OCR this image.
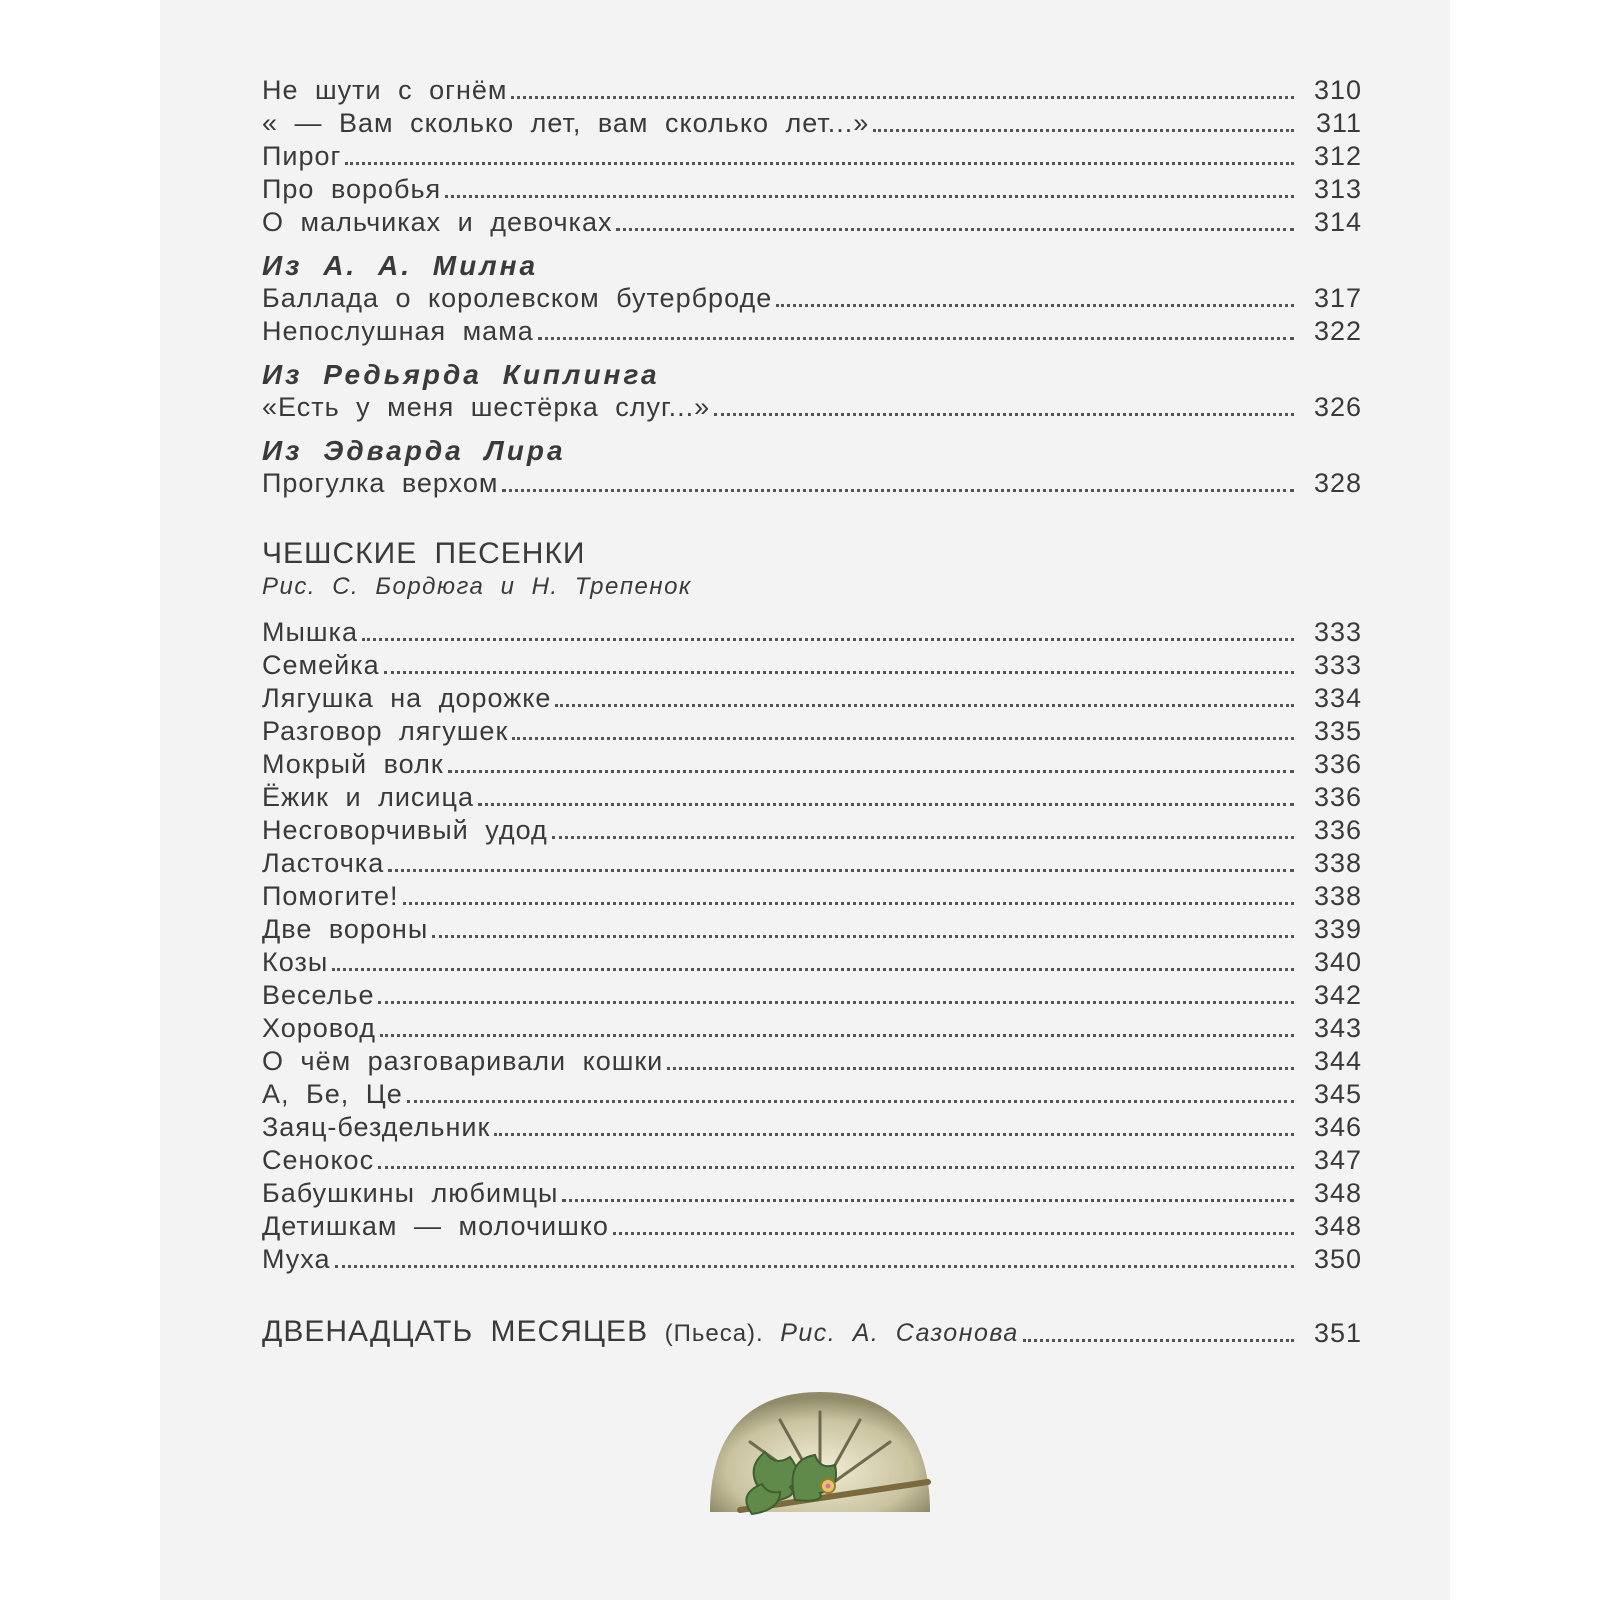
Не шути с огнём	310
« — Вам сколько лет, вам сколько лет...»	311
Пирог	312
Про воробья	313
О мальчиках и девочках	314
Из А. А. Милна
Баллада о королевском бутерброде	317
Непослушная мама	322
Из Редьярда Киплинга
«Есть у меня шестёрка слуг...»	326
Из Эдварда Лира
Прогулка верхом	328
ЧЕШСКИЕ ПЕСЕНКИ
Рис. С. Бордюга и Н. Трепенок
Мышка	333
Семейка	333
Лягушка на дорожке	334
Разговор лягушек	335
Мокрый волк	336
Ёжик и лисица	336
Несговорчивый удод	336
Ласточка	338
Помогите!	338
Две вороны	339
Козы	340
Веселье	342
Хоровод	343
О чём разговаривали кошки	344
А, Бе, Це	345
Заяц-бездельник	346
Сенокос	347
Бабушкины любимцы	348
Детишкам — молочишко	348
Муха	350
ДВЕНАДЦАТЬ МЕСЯЦЕВ (Пьеса). Рис. А. Сазонова	351
